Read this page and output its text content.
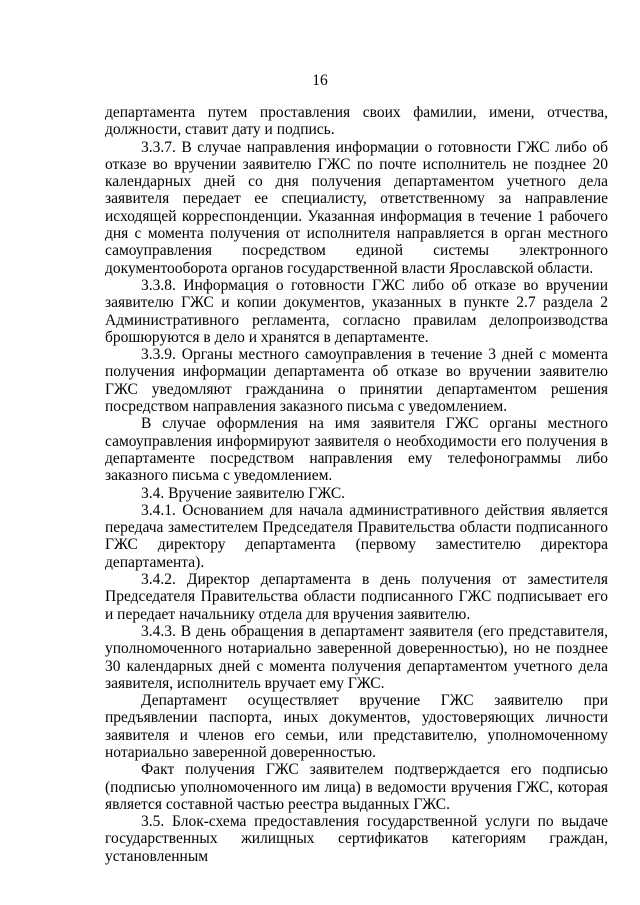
16

департамента путем проставления своих фамилии, имени, отчества, должности, ставит дату и подпись.

3.3.7. В случае направления информации о готовности ГЖС либо об отказе во вручении заявителю ГЖС по почте исполнитель не позднее 20 календарных дней со дня получения департаментом учетного дела заявителя передает ее специалисту, ответственному за направление исходящей корреспонденции. Указанная информация в течение 1 рабочего дня с момента получения от исполнителя направляется в орган местного самоуправления посредством единой системы электронного документооборота органов государственной власти Ярославской области.

3.3.8. Информация о готовности ГЖС либо об отказе во вручении заявителю ГЖС и копии документов, указанных в пункте 2.7 раздела 2 Административного регламента, согласно правилам делопроизводства брошюруются в дело и хранятся в департаменте.

3.3.9. Органы местного самоуправления в течение 3 дней с момента получения информации департамента об отказе во вручении заявителю ГЖС уведомляют гражданина о принятии департаментом решения посредством направления заказного письма с уведомлением.

В случае оформления на имя заявителя ГЖС органы местного самоуправления информируют заявителя о необходимости его получения в департаменте посредством направления ему телефонограммы либо заказного письма с уведомлением.

3.4. Вручение заявителю ГЖС.

3.4.1. Основанием для начала административного действия является передача заместителем Председателя Правительства области подписанного ГЖС директору департамента (первому заместителю директора департамента).

3.4.2. Директор департамента в день получения от заместителя Председателя Правительства области подписанного ГЖС подписывает его и передает начальнику отдела для вручения заявителю.

3.4.3. В день обращения в департамент заявителя (его представителя, уполномоченного нотариально заверенной доверенностью), но не позднее 30 календарных дней с момента получения департаментом учетного дела заявителя, исполнитель вручает ему ГЖС.

Департамент осуществляет вручение ГЖС заявителю при предъявлении паспорта, иных документов, удостоверяющих личности заявителя и членов его семьи, или представителю, уполномоченному нотариально заверенной доверенностью.

Факт получения ГЖС заявителем подтверждается его подписью (подписью уполномоченного им лица) в ведомости вручения ГЖС, которая является составной частью реестра выданных ГЖС.

3.5. Блок-схема предоставления государственной услуги по выдаче государственных жилищных сертификатов категориям граждан, установленным
